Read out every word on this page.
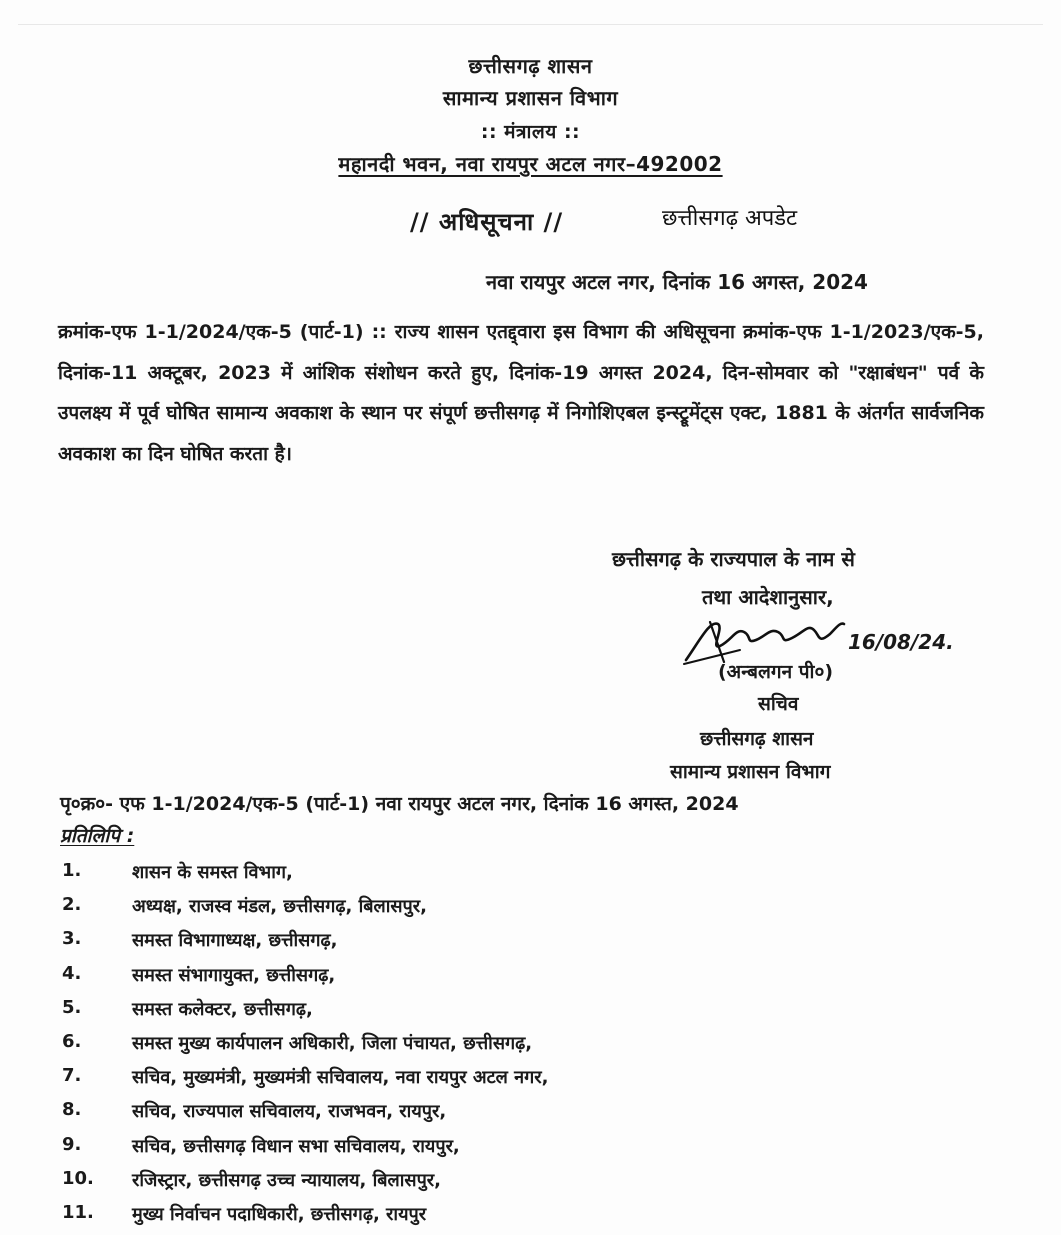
छत्तीसगढ़ शासन
सामान्य प्रशासन विभाग
:: मंत्रालय ::
महानदी भवन, नवा रायपुर अटल नगर–492002
// अधिसूचना //	छत्तीसगढ़ अपडेट
नवा रायपुर अटल नगर, दिनांक 16 अगस्त, 2024
क्रमांक-एफ 1-1/2024/एक-5 (पार्ट-1) :: राज्य शासन एतद्द्वारा इस विभाग की अधिसूचना क्रमांक-एफ 1-1/2023/एक-5, दिनांक-11 अक्टूबर, 2023 में आंशिक संशोधन करते हुए, दिनांक-19 अगस्त 2024, दिन-सोमवार को "रक्षाबंधन" पर्व के उपलक्ष्य में पूर्व घोषित सामान्य अवकाश के स्थान पर संपूर्ण छत्तीसगढ़ में निगोशिएबल इन्स्ट्रूमेंट्स एक्ट, 1881 के अंतर्गत सार्वजनिक अवकाश का दिन घोषित करता है।
छत्तीसगढ़ के राज्यपाल के नाम से
तथा आदेशानुसार,
16/08/24.
(अन्बलगन पी०)
सचिव
छत्तीसगढ़ शासन
सामान्य प्रशासन विभाग
पृ०क्र०- एफ 1-1/2024/एक-5 (पार्ट-1) नवा रायपुर अटल नगर, दिनांक 16 अगस्त, 2024
प्रतिलिपि :
1.	शासन के समस्त विभाग,
2.	अध्यक्ष, राजस्व मंडल, छत्तीसगढ़, बिलासपुर,
3.	समस्त विभागाध्यक्ष, छत्तीसगढ़,
4.	समस्त संभागायुक्त, छत्तीसगढ़,
5.	समस्त कलेक्टर, छत्तीसगढ़,
6.	समस्त मुख्य कार्यपालन अधिकारी, जिला पंचायत, छत्तीसगढ़,
7.	सचिव, मुख्यमंत्री, मुख्यमंत्री सचिवालय, नवा रायपुर अटल नगर,
8.	सचिव, राज्यपाल सचिवालय, राजभवन, रायपुर,
9.	सचिव, छत्तीसगढ़ विधान सभा सचिवालय, रायपुर,
10. रजिस्ट्रार, छत्तीसगढ़ उच्च न्यायालय, बिलासपुर,
11. मुख्य निर्वाचन पदाधिकारी, छत्तीसगढ़, रायपुर
